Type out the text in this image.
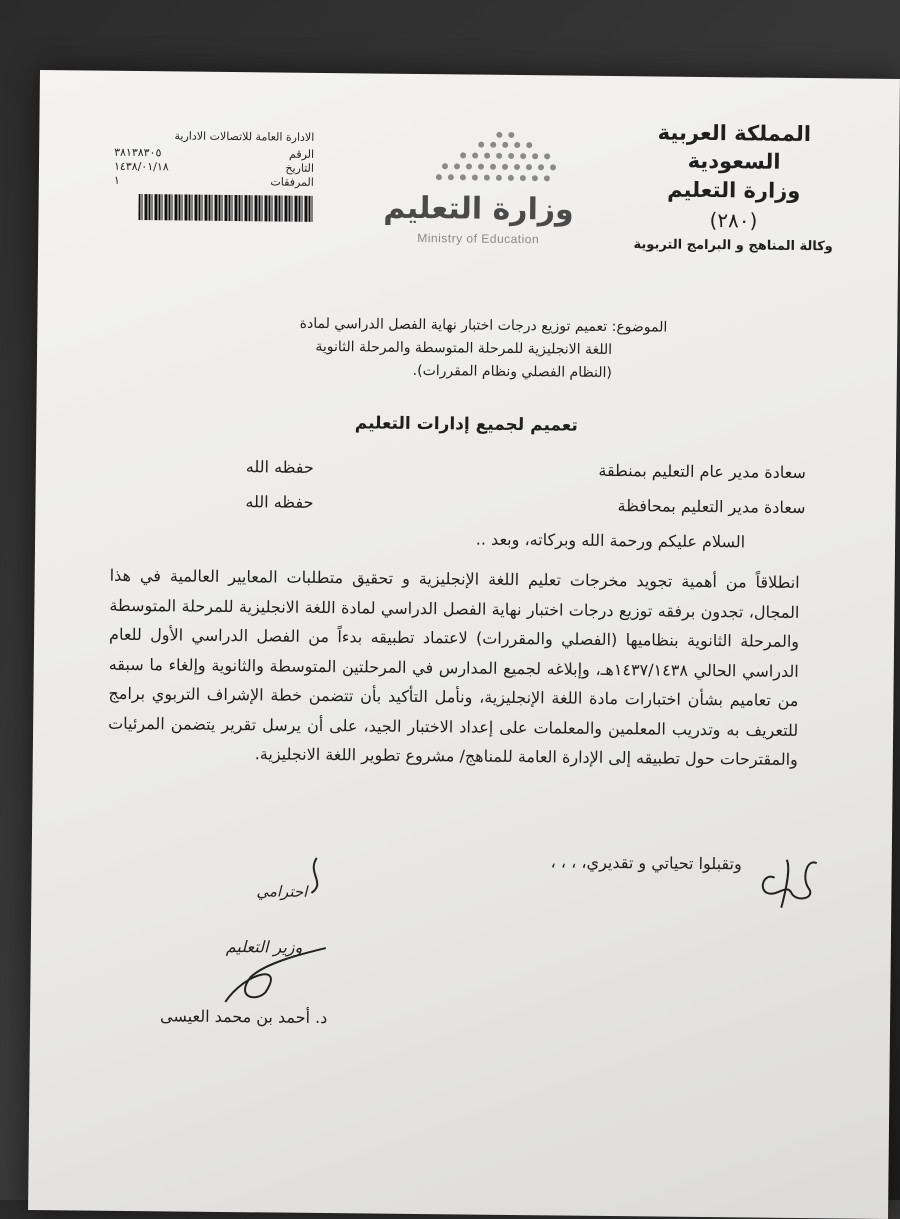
المملكة العربية السعودية
وزارة التعليم
(٢٨٠)
وكالة المناهج و البرامج التربوية
وزارة التعليم
Ministry of Education
الادارة العامة للاتصالات الادارية
الرقم
٣٨١٣٨٣٠٥
التاريخ
١٤٣٨/٠١/١٨
المرفقات
١
الموضوع: تعميم توزيع درجات اختبار نهاية الفصل الدراسي لمادة
اللغة الانجليزية للمرحلة المتوسطة والمرحلة الثانوية
(النظام الفصلي ونظام المقررات).
تعميم لجميع إدارات التعليم
سعادة مدير عام التعليم بمنطقة
حفظه الله
سعادة مدير التعليم بمحافظة
حفظه الله
السلام عليكم ورحمة الله وبركاته، وبعد ..
انطلاقاً من أهمية تجويد مخرجات تعليم اللغة الإنجليزية و تحقيق متطلبات المعايير العالمية في هذا المجال، تجدون برفقه توزيع درجات اختبار نهاية الفصل الدراسي لمادة اللغة الانجليزية للمرحلة المتوسطة والمرحلة الثانوية بنظاميها (الفصلي والمقررات) لاعتماد تطبيقه بدءاً من الفصل الدراسي الأول للعام الدراسي الحالي ١٤٣٧/١٤٣٨هـ، وإبلاغه لجميع المدارس في المرحلتين المتوسطة والثانوية وإلغاء ما سبقه من تعاميم بشأن اختبارات مادة اللغة الإنجليزية، ونأمل التأكيد بأن تتضمن خطة الإشراف التربوي برامج للتعريف به وتدريب المعلمين والمعلمات على إعداد الاختبار الجيد، على أن يرسل تقرير يتضمن المرئيات والمقترحات حول تطبيقه إلى الإدارة العامة للمناهج/ مشروع تطوير اللغة الانجليزية.
وتقبلوا تحياتي و تقديري، ، ، ،
احترامي
وزير التعليم
د. أحمد بن محمد العيسى
